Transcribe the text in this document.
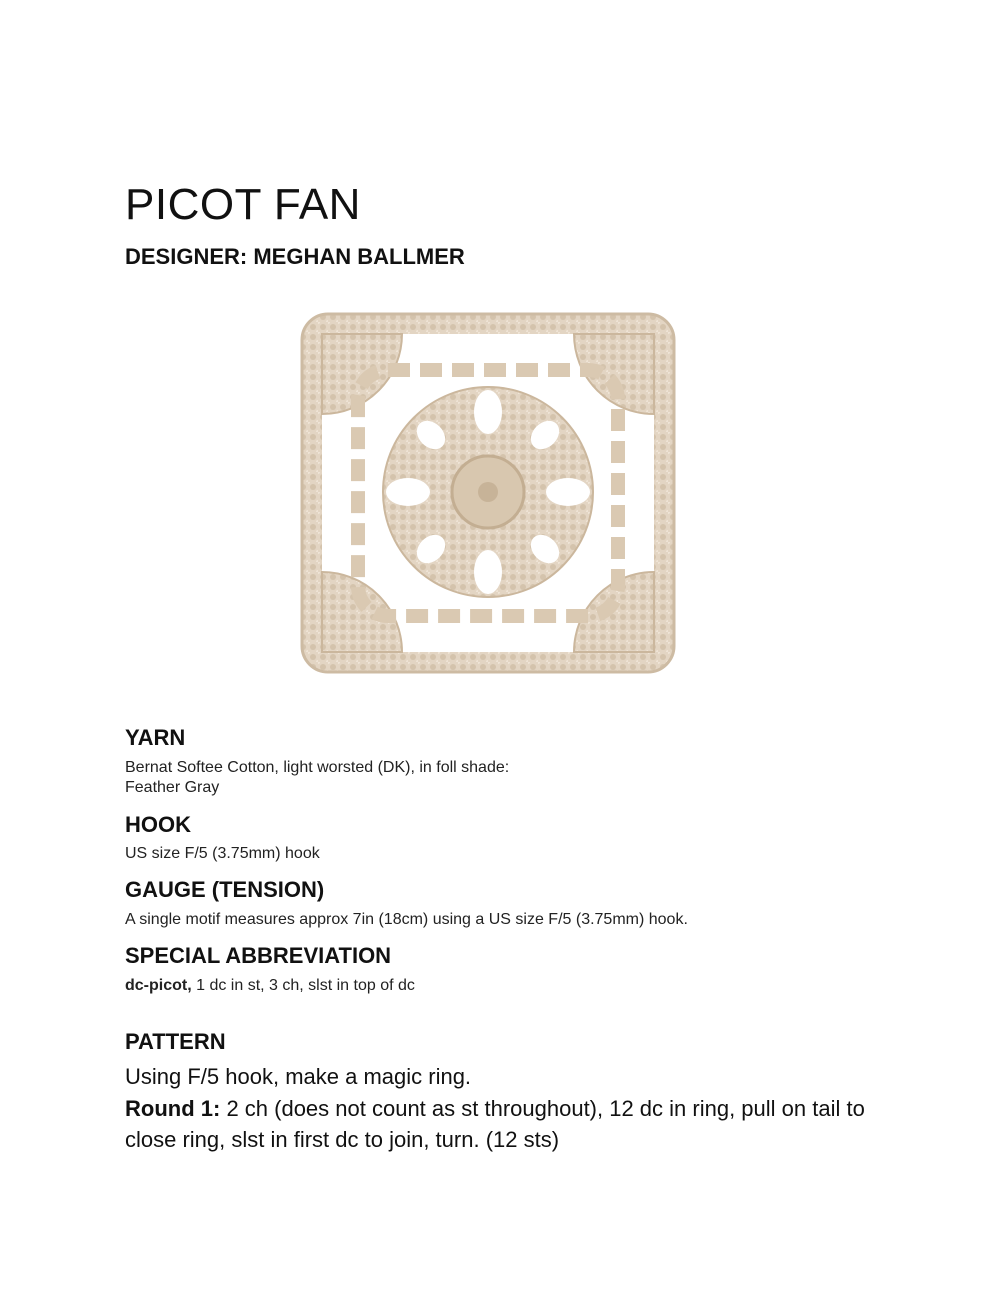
PICOT FAN
DESIGNER: MEGHAN BALLMER
YARN
Bernat Softee Cotton, light worsted (DK), in foll shade:
Feather Gray
HOOK
US size F/5 (3.75mm) hook
GAUGE (TENSION)
A single motif measures approx 7in (18cm) using a US size F/5 (3.75mm) hook.
SPECIAL ABBREVIATION
dc-picot, 1 dc in st, 3 ch, slst in top of dc
PATTERN
Using F/5 hook, make a magic ring.
Round 1: 2 ch (does not count as st throughout), 12 dc in ring, pull on tail to close ring, slst in first dc to join, turn. (12 sts)
